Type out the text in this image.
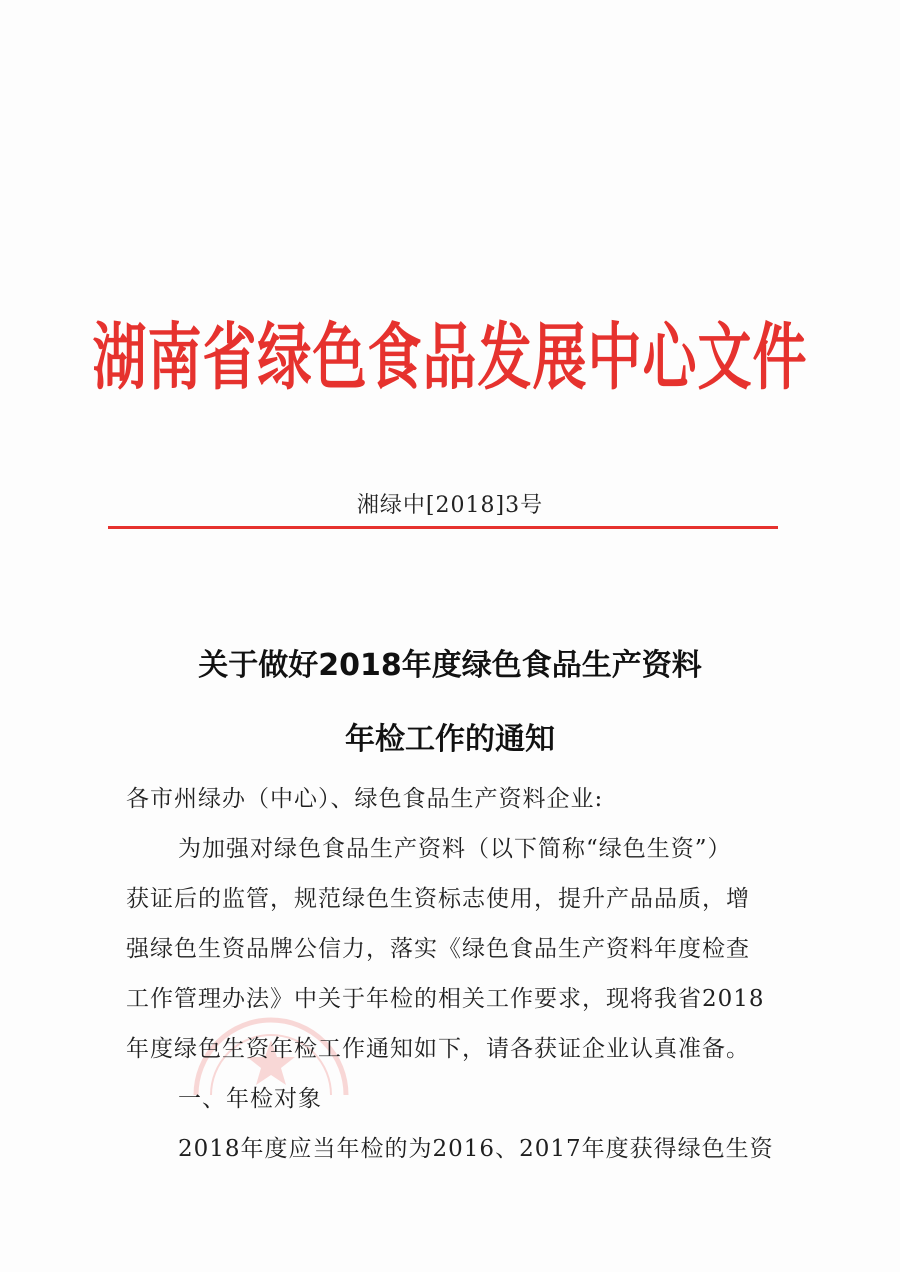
湖南省绿色食品发展中心文件
湘绿中[2018]3号
关于做好2018年度绿色食品生产资料
年检工作的通知
各市州绿办（中心）、绿色食品生产资料企业:
为加强对绿色食品生产资料（以下简称“绿色生资”）
获证后的监管，规范绿色生资标志使用，提升产品品质，增
强绿色生资品牌公信力，落实《绿色食品生产资料年度检查
工作管理办法》中关于年检的相关工作要求，现将我省2018
年度绿色生资年检工作通知如下，请各获证企业认真准备。
一、年检对象
2018年度应当年检的为2016、2017年度获得绿色生资
